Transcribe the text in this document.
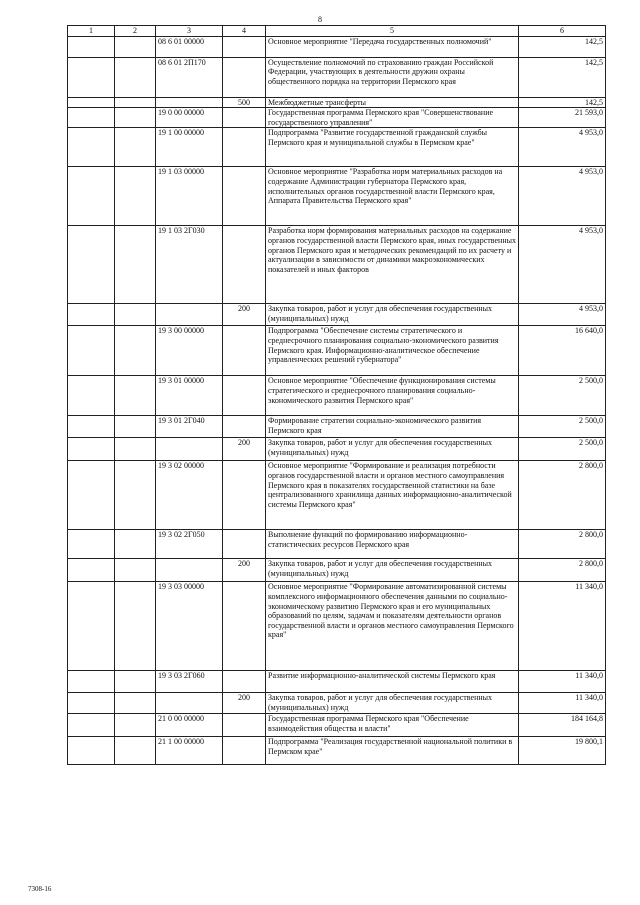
8
1	2	3	4	5	6
		08 6 01 00000		Основное мероприятие "Передача государственных полномочий"	142,5
		08 6 01 2П170		Осуществление полномочий по страхованию граждан Российской Федерации, участвующих в деятельности дружин охраны общественного порядка на территории Пермского края	142,5
			500	Межбюджетные трансферты	142,5
		19 0 00 00000		Государственная программа Пермского края "Совершенствование государственного управления"	21 593,0
		19 1 00 00000		Подпрограмма "Развитие государственной гражданской службы Пермского края и муниципальной службы в Пермском крае"	4 953,0
		19 1 03 00000		Основное мероприятие "Разработка норм материальных расходов на содержание Администрации губернатора Пермского края, исполнительных органов государственной власти Пермского края, Аппарата Правительства Пермского края"	4 953,0
		19 1 03 2Г030		Разработка норм формирования материальных расходов на содержание органов государственной власти Пермского края, иных государственных органов Пермского края и методических рекомендаций по их расчету и актуализации в зависимости от динамики макроэкономических показателей и иных факторов	4 953,0
			200	Закупка товаров, работ и услуг для обеспечения государственных (муниципальных) нужд	4 953,0
		19 3 00 00000		Подпрограмма "Обеспечение системы стратегического и среднесрочного планирования социально-экономического развития Пермского края. Информационно-аналитическое обеспечение управленческих решений губернатора"	16 640,0
		19 3 01 00000		Основное мероприятие "Обеспечение функционирования системы стратегического и среднесрочного планирования социально-экономического развития Пермского края"	2 500,0
		19 3 01 2Г040		Формирование стратегии социально-экономического развития Пермского края	2 500,0
			200	Закупка товаров, работ и услуг для обеспечения государственных (муниципальных) нужд	2 500,0
		19 3 02 00000		Основное мероприятие "Формирование и реализация потребности органов государственной власти и органов местного самоуправления Пермского края в показателях государственной статистики на базе централизованного хранилища данных информационно-аналитической системы Пермского края"	2 800,0
		19 3 02 2Г050		Выполнение функций по формированию информационно-статистических ресурсов Пермского края	2 800,0
			200	Закупка товаров, работ и услуг для обеспечения государственных (муниципальных) нужд	2 800,0
		19 3 03 00000		Основное мероприятие "Формирование автоматизированной системы комплексного информационного обеспечения данными по социально-экономическому развитию Пермского края и его муниципальных образований по целям, задачам и показателям деятельности органов государственной власти и органов местного самоуправления Пермского края"	11 340,0
		19 3 03 2Г060		Развитие информационно-аналитической системы Пермского края	11 340,0
			200	Закупка товаров, работ и услуг для обеспечения государственных (муниципальных) нужд	11 340,0
		21 0 00 00000		Государственная программа Пермского края "Обеспечение взаимодействия общества и власти"	184 164,8
		21 1 00 00000		Подпрограмма "Реализация государственной национальной политики в Пермском крае"	19 800,1
7308-16
